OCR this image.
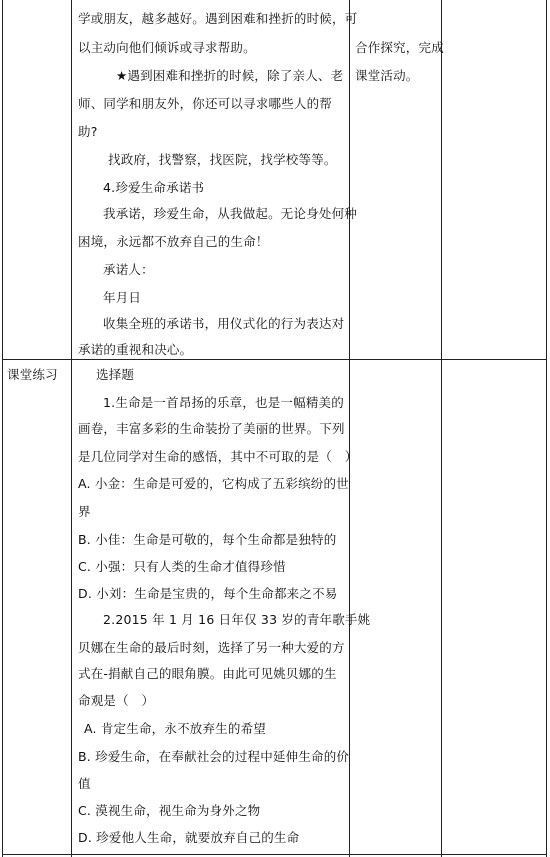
学或朋友，越多越好。遇到困难和挫折的时候，可
以主动向他们倾诉或寻求帮助。
★遇到困难和挫折的时候，除了亲人、老
师、同学和朋友外，你还可以寻求哪些人的帮
助?
找政府，找警察，找医院，找学校等等。
4.珍爱生命承诺书
我承诺，珍爱生命，从我做起。无论身处何种
困境，永远都不放弃自己的生命！
承诺人：
年月日
收集全班的承诺书，用仪式化的行为表达对
承诺的重视和决心。
合作探究，完成
课堂活动。
课堂练习	选择题
1.生命是一首昂扬的乐章，也是一幅精美的
画卷，丰富多彩的生命装扮了美丽的世界。下列
是几位同学对生命的感悟，其中不可取的是（　）
A. 小金：生命是可爱的，它构成了五彩缤纷的世
界
B. 小佳：生命是可敬的，每个生命都是独特的
C. 小强：只有人类的生命才值得珍惜
D. 小刘：生命是宝贵的，每个生命都来之不易
2.2015 年 1 月 16 日年仅 33 岁的青年歌手姚
贝娜在生命的最后时刻，选择了另一种大爱的方
式在-捐献自己的眼角膜。由此可见姚贝娜的生
命观是（　）
A. 肯定生命，永不放弃生的希望
B. 珍爱生命，在奉献社会的过程中延伸生命的价
值
C. 漠视生命，视生命为身外之物
D. 珍爱他人生命，就要放弃自己的生命
